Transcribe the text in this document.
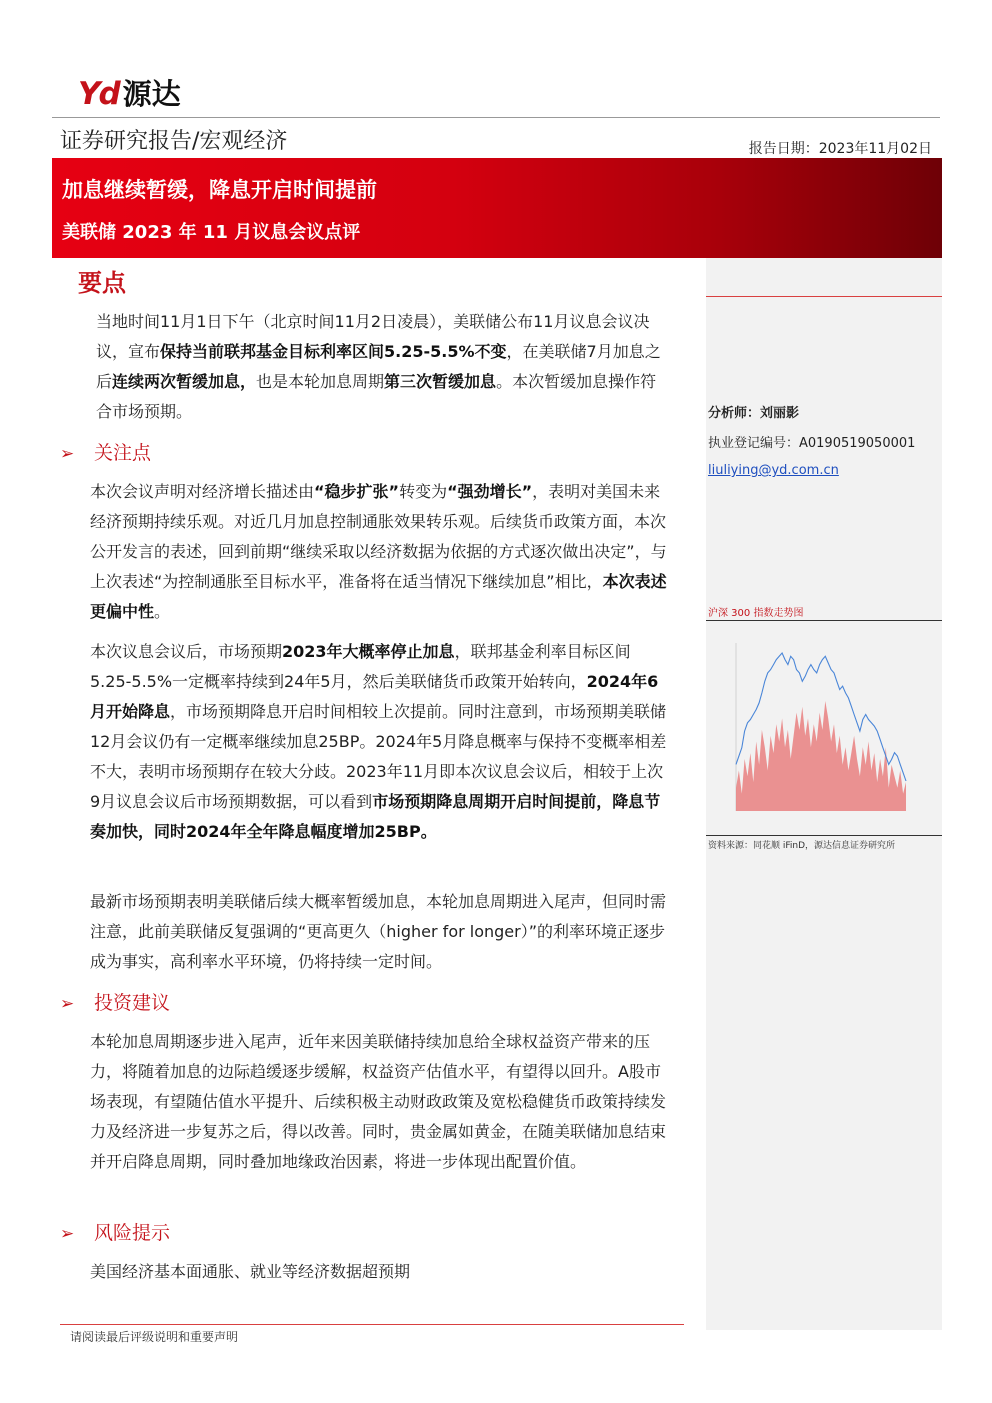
Yd 源达
证券研究报告/宏观经济	报告日期：2023年11月02日
加息继续暂缓，降息开启时间提前
美联储 2023 年 11 月议息会议点评
分析师：刘丽影
执业登记编号：A0190519050001
liuliying@yd.com.cn
沪深 300 指数走势图
资料来源：同花顺 iFinD，源达信息证券研究所
要点
当地时间11月1日下午（北京时间11月2日凌晨），美联储公布11月议息会议决议，宣布保持当前联邦基金目标利率区间5.25-5.5%不变，在美联储7月加息之后连续两次暂缓加息，也是本轮加息周期第三次暂缓加息。本次暂缓加息操作符合市场预期。
➢ 关注点
本次会议声明对经济增长描述由“稳步扩张”转变为“强劲增长”，表明对美国未来经济预期持续乐观。对近几月加息控制通胀效果转乐观。后续货币政策方面，本次公开发言的表述，回到前期“继续采取以经济数据为依据的方式逐次做出决定”，与上次表述“为控制通胀至目标水平，准备将在适当情况下继续加息”相比，本次表述更偏中性。
本次议息会议后，市场预期2023年大概率停止加息，联邦基金利率目标区间5.25-5.5%一定概率持续到24年5月，然后美联储货币政策开始转向，2024年6月开始降息，市场预期降息开启时间相较上次提前。同时注意到，市场预期美联储12月会议仍有一定概率继续加息25BP。2024年5月降息概率与保持不变概率相差不大，表明市场预期存在较大分歧。2023年11月即本次议息会议后，相较于上次9月议息会议后市场预期数据，可以看到市场预期降息周期开启时间提前，降息节奏加快，同时2024年全年降息幅度增加25BP。
最新市场预期表明美联储后续大概率暂缓加息，本轮加息周期进入尾声，但同时需注意，此前美联储反复强调的“更高更久（higher for longer）”的利率环境正逐步成为事实，高利率水平环境，仍将持续一定时间。
➢ 投资建议
本轮加息周期逐步进入尾声，近年来因美联储持续加息给全球权益资产带来的压力，将随着加息的边际趋缓逐步缓解，权益资产估值水平，有望得以回升。A股市场表现，有望随估值水平提升、后续积极主动财政政策及宽松稳健货币政策持续发力及经济进一步复苏之后，得以改善。同时，贵金属如黄金，在随美联储加息结束并开启降息周期，同时叠加地缘政治因素，将进一步体现出配置价值。
➢ 风险提示
美国经济基本面通胀、就业等经济数据超预期
请阅读最后评级说明和重要声明
